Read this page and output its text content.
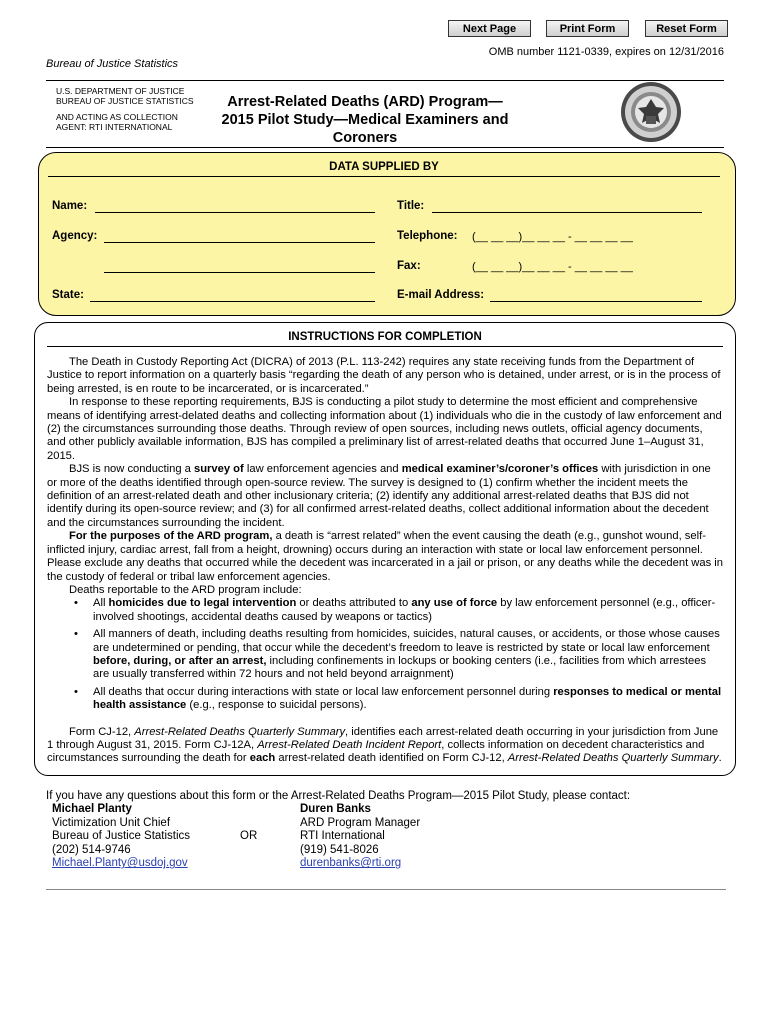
Next Page	Print Form	Reset Form
OMB number 1121-0339, expires on 12/31/2016
Bureau of Justice Statistics
U.S. DEPARTMENT OF JUSTICE
BUREAU OF JUSTICE STATISTICS
AND ACTING AS COLLECTION
AGENT: RTI INTERNATIONAL
Arrest-Related Deaths (ARD) Program—
2015 Pilot Study—Medical Examiners and Coroners
DATA SUPPLIED BY
Name:	Title:
Agency:	Telephone: (__ __ __)__ __ __ - __ __ __ __
Fax:	(__ __ __)__ __ __ - __ __ __ __
State:	E-mail Address:
INSTRUCTIONS FOR COMPLETION

The Death in Custody Reporting Act (DICRA) of 2013 (P.L. 113-242) requires any state receiving funds from the Department of Justice to report information on a quarterly basis “regarding the death of any person who is detained, under arrest, or is in the process of being arrested, is en route to be incarcerated, or is incarcerated.”

In response to these reporting requirements, BJS is conducting a pilot study to determine the most efficient and comprehensive means of identifying arrest-delated deaths and collecting information about (1) individuals who die in the custody of law enforcement and (2) the circumstances surrounding those deaths. Through review of open sources, including news outlets, official agency documents, and other publicly available information, BJS has compiled a preliminary list of arrest-related deaths that occurred June 1–August 31, 2015.

BJS is now conducting a survey of law enforcement agencies and medical examiner’s/coroner’s offices with jurisdiction in one or more of the deaths identified through open-source review. The survey is designed to (1) confirm whether the incident meets the definition of an arrest-related death and other inclusionary criteria; (2) identify any additional arrest-related deaths that BJS did not identify during its open-source review; and (3) for all confirmed arrest-related deaths, collect additional information about the decedent and the circumstances surrounding the incident.

For the purposes of the ARD program, a death is “arrest related” when the event causing the death (e.g., gunshot wound, self-inflicted injury, cardiac arrest, fall from a height, drowning) occurs during an interaction with state or local law enforcement personnel. Please exclude any deaths that occurred while the decedent was incarcerated in a jail or prison, or any deaths while the decedent was in the custody of federal or tribal law enforcement agencies.

Deaths reportable to the ARD program include:

• All homicides due to legal intervention or deaths attributed to any use of force by law enforcement personnel (e.g., officer-involved shootings, accidental deaths caused by weapons or tactics)

• All manners of death, including deaths resulting from homicides, suicides, natural causes, or accidents, or those whose causes are undetermined or pending, that occur while the decedent’s freedom to leave is restricted by state or local law enforcement before, during, or after an arrest, including confinements in lockups or booking centers (i.e., facilities from which arrestees are usually transferred within 72 hours and not held beyond arraignment)

• All deaths that occur during interactions with state or local law enforcement personnel during responses to medical or mental health assistance (e.g., response to suicidal persons).

Form CJ-12, Arrest-Related Deaths Quarterly Summary, identifies each arrest-related death occurring in your jurisdiction from June 1 through August 31, 2015. Form CJ-12A, Arrest-Related Death Incident Report, collects information on decedent characteristics and circumstances surrounding the death for each arrest-related death identified on Form CJ-12, Arrest-Related Deaths Quarterly Summary.

If you have any questions about this form or the Arrest-Related Deaths Program—2015 Pilot Study, please contact:
Michael Planty
Victimization Unit Chief
Bureau of Justice Statistics
(202) 514-9746
Michael.Planty@usdoj.gov
OR
Duren Banks
ARD Program Manager
RTI International
(919) 541-8026
durenbanks@rti.org
